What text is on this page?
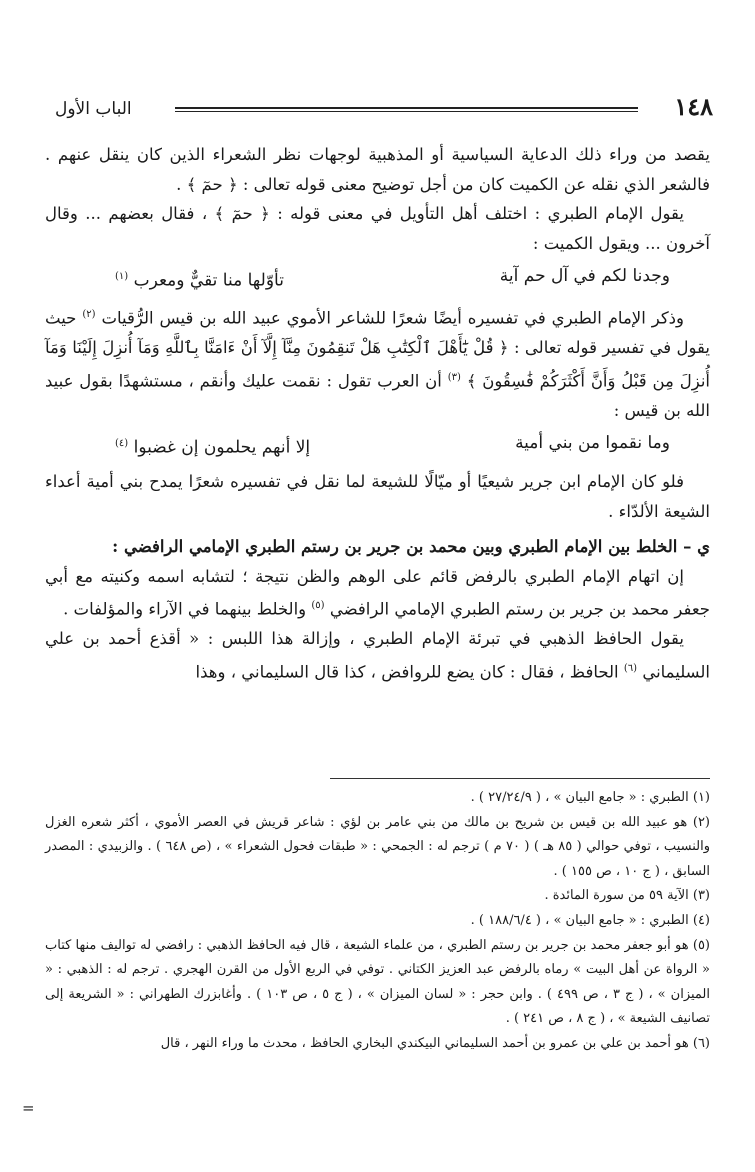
١٤٨
الباب الأول

يقصد من وراء ذلك الدعاية السياسية أو المذهبية لوجهات نظر الشعراء الذين كان ينقل عنهم . فالشعر الذي نقله عن الكميت كان من أجل توضيح معنى قوله تعالى : ﴿ حمٓ ﴾ .

يقول الإمام الطبري : اختلف أهل التأويل في معنى قوله : ﴿ حمٓ ﴾ ، فقال بعضهم ... وقال آخرون ... ويقول الكميت :

وجدنا لكم في آل حم آية
تأوّلها منا تقيٌّ ومعرب $^{(١)}$

وذكر الإمام الطبري في تفسيره أيضًا شعرًا للشاعر الأموي عبيد الله بن قيس الرُّقيات $^{(٢)}$ حيث يقول في تفسير قوله تعالى : ﴿ قُلْ يَٰٓأَهْلَ ٱلْكِتَٰبِ هَلْ تَنقِمُونَ مِنَّآ إِلَّآ أَنْ ءَامَنَّا بِٱللَّهِ وَمَآ أُنزِلَ إِلَيْنَا وَمَآ أُنزِلَ مِن قَبْلُ وَأَنَّ أَكْثَرَكُمْ فَٰسِقُونَ ﴾ $^{(٣)}$ أن العرب تقول : نقمت عليك وأنقم ، مستشهدًا بقول عبيد الله بن قيس :

وما نقموا من بني أمية
إلا أنهم يحلمون إن غضبوا $^{(٤)}$

فلو كان الإمام ابن جرير شيعيًا أو ميّالًا للشيعة لما نقل في تفسيره شعرًا يمدح بني أمية أعداء الشيعة الألدّاء .

ي – الخلط بين الإمام الطبري وبين محمد بن جرير بن رستم الطبري الإمامي الرافضي :

إن اتهام الإمام الطبري بالرفض قائم على الوهم والظن نتيجة ؛ لتشابه اسمه وكنيته مع أبي جعفر محمد بن جرير بن رستم الطبري الإمامي الرافضي $^{(٥)}$ والخلط بينهما في الآراء والمؤلفات .

يقول الحافظ الذهبي في تبرئة الإمام الطبري ، وإزالة هذا اللبس : « أقذع أحمد بن علي السليماني $^{(٦)}$ الحافظ ، فقال : كان يضع للروافض ، كذا قال السليماني ، وهذا

(١) الطبري : « جامع البيان » ، ( ٢٧/٢٤/٩ ) .

(٢) هو عبيد الله بن قيس بن شريح بن مالك من بني عامر بن لؤي : شاعر قريش في العصر الأموي ، أكثر شعره الغزل والنسيب ، توفي حوالي ( ٨٥ هـ ) ( ٧٠ م ) ترجم له : الجمحي : « طبقات فحول الشعراء » ، (ص ٦٤٨ ) . والزبيدي : المصدر السابق ، ( ج ١٠ ، ص ١٥٥ ) .

(٣) الآية ٥٩ من سورة المائدة .

(٤) الطبري : « جامع البيان » ، ( ١٨٨/٦/٤ ) .

(٥) هو أبو جعفر محمد بن جرير بن رستم الطبري ، من علماء الشيعة ، قال فيه الحافظ الذهبي : رافضي له تواليف منها كتاب « الرواة عن أهل البيت » رماه بالرفض عبد العزيز الكتاني . توفي في الربع الأول من القرن الهجري . ترجم له : الذهبي : « الميزان » ، ( ج ٣ ، ص ٤٩٩ ) . وابن حجر : « لسان الميزان » ، ( ج ٥ ، ص ١٠٣ ) . وأغابزرك الطهراني : « الشريعة إلى تصانيف الشيعة » ، ( ج ٨ ، ص ٢٤١ ) .

(٦) هو أحمد بن علي بن عمرو بن أحمد السليماني البيكندي البخاري الحافظ ، محدث ما وراء النهر ، قال

=
